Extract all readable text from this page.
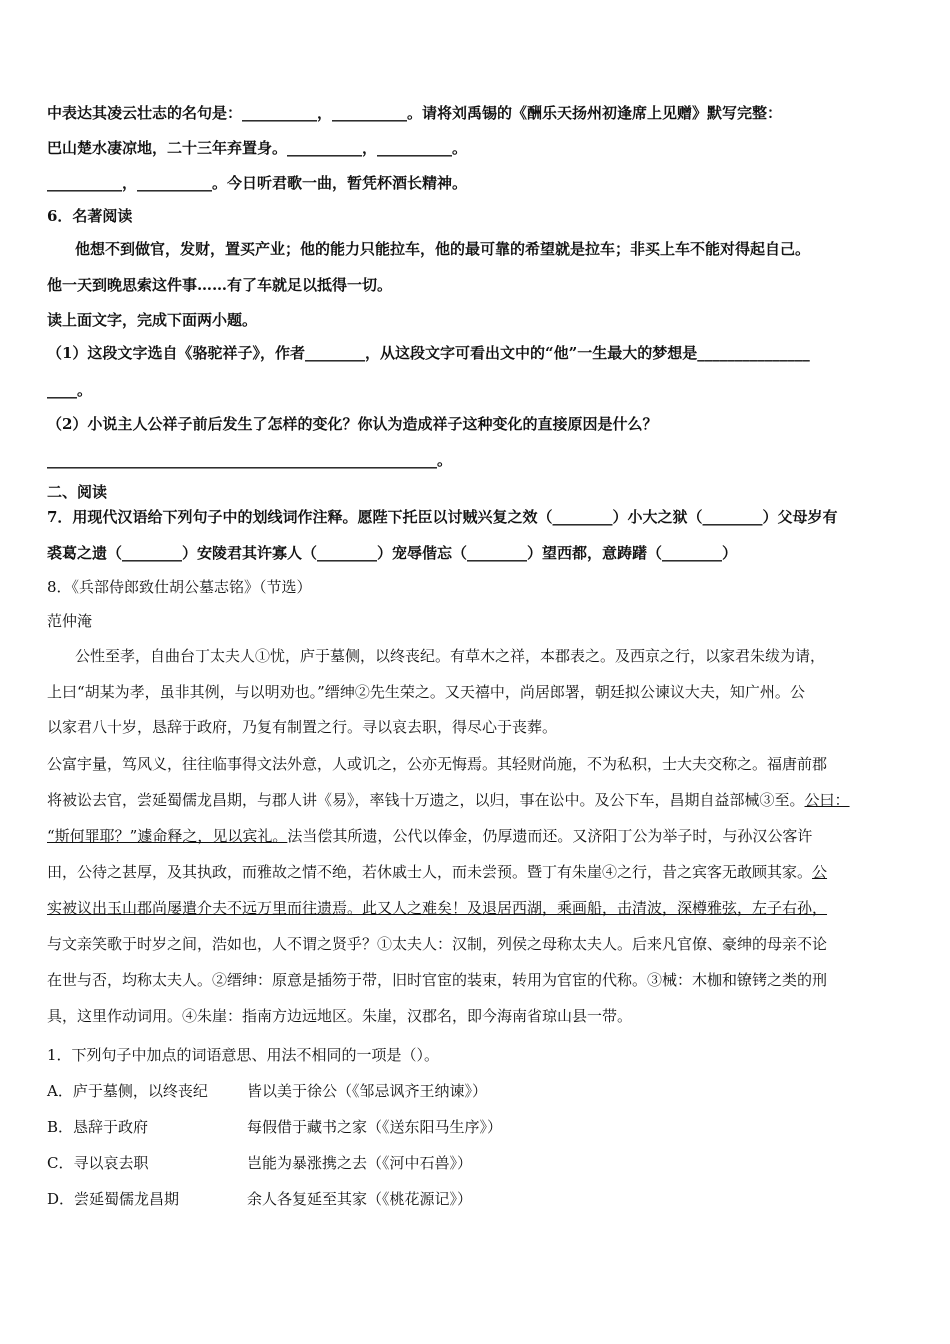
中表达其凌云壮志的名句是：__________，__________。请将刘禹锡的《酬乐天扬州初逢席上见赠》默写完整：
巴山楚水凄凉地，二十三年弃置身。__________，__________。
__________，__________。今日听君歌一曲，暂凭杯酒长精神。
6．名著阅读
他想不到做官，发财，置买产业；他的能力只能拉车，他的最可靠的希望就是拉车；非买上车不能对得起自己。
他一天到晚思索这件事……有了车就足以抵得一切。
读上面文字，完成下面两小题。
（1）这段文字选自《骆驼祥子》，作者________，从这段文字可看出文中的“他”一生最大的梦想是_______________
____。
（2）小说主人公祥子前后发生了怎样的变化？你认为造成祥子这种变化的直接原因是什么？
____________________________________________________。
二、阅读
7．用现代汉语给下列句子中的划线词作注释。愿陛下托臣以讨贼兴复之效（________）小大之狱（________）父母岁有
裘葛之遗（________）安陵君其许寡人（________）宠辱偕忘（________）望西都，意踌躇（________）
8．《兵部侍郎致仕胡公墓志铭》（节选）
范仲淹
公性至孝，自曲台丁太夫人①忧，庐于墓侧，以终丧纪。有草木之祥，本郡表之。及西京之行，以家君朱绂为请，
上曰“胡某为孝，虽非其例，与以明劝也。”缙绅②先生荣之。又天禧中，尚居郎署，朝廷拟公谏议大夫，知广州。公
以家君八十岁，恳辞于政府，乃复有制置之行。寻以哀去职，得尽心于丧葬。
公富宇量，笃风义，往往临事得文法外意，人或讥之，公亦无悔焉。其轻财尚施，不为私积，士大夫交称之。福唐前郡
将被讼去官，尝延蜀儒龙昌期，与郡人讲《易》，率钱十万遗之，以归，事在讼中。及公下车，昌期自益部械③至。公曰：
“斯何罪耶？”遽命释之，见以宾礼。法当偿其所遗，公代以俸金，仍厚遗而还。又济阳丁公为举子时，与孙汉公客许
田，公待之甚厚，及其执政，而雅故之情不绝，若休戚士人，而未尝预。暨丁有朱崖④之行，昔之宾客无敢顾其家。公
实被议出玉山郡尚屡遣介夫不远万里而往遗焉。此又人之难矣！及退居西湖，乘画船，击清波，深樽雅弦，左子右孙，
与文亲笑歌于时岁之间，浩如也，人不谓之贤乎？①太夫人：汉制，列侯之母称太夫人。后来凡官僚、豪绅的母亲不论
在世与否，均称太夫人。②缙绅：原意是插笏于带，旧时官宦的装束，转用为官宦的代称。③械：木枷和镣铐之类的刑
具，这里作动词用。④朱崖：指南方边远地区。朱崖，汉郡名，即今海南省琼山县一带。
1．下列句子中加点的词语意思、用法不相同的一项是（）。
A．庐于墓侧，以终丧纪	皆以美于徐公（《邹忌讽齐王纳谏》）
B．恳辞于政府	每假借于藏书之家（《送东阳马生序》）
C．寻以哀去职	岂能为暴涨携之去（《河中石兽》）
D．尝延蜀儒龙昌期	余人各复延至其家（《桃花源记》）
